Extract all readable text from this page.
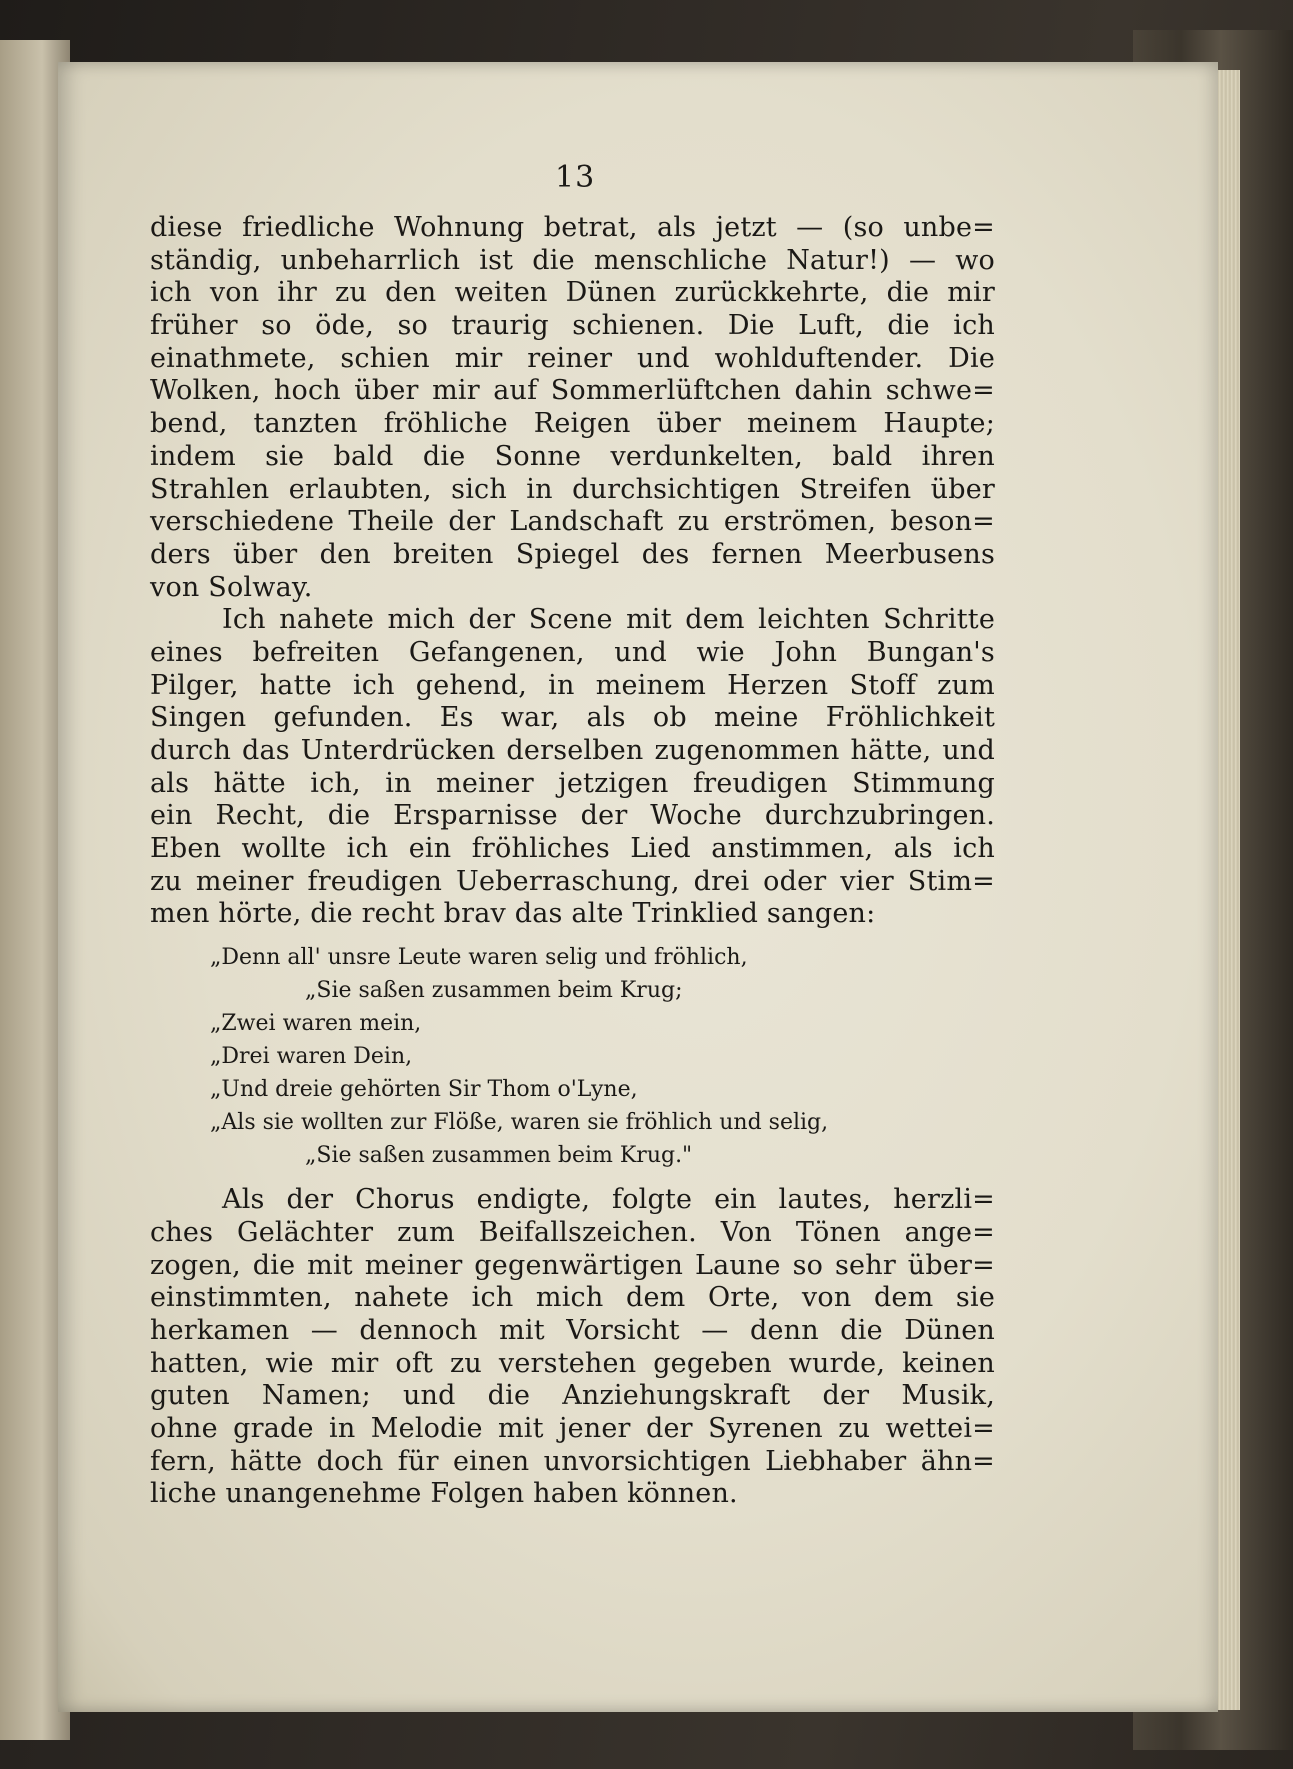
13
diese friedliche Wohnung betrat, als jetzt — (so unbe=
ständig, unbeharrlich ist die menschliche Natur!) — wo
ich von ihr zu den weiten Dünen zurückkehrte, die mir
früher so öde, so traurig schienen. Die Luft, die ich
einathmete, schien mir reiner und wohlduftender. Die
Wolken, hoch über mir auf Sommerlüftchen dahin schwe=
bend, tanzten fröhliche Reigen über meinem Haupte;
indem sie bald die Sonne verdunkelten, bald ihren
Strahlen erlaubten, sich in durchsichtigen Streifen über
verschiedene Theile der Landschaft zu erströmen, beson=
ders über den breiten Spiegel des fernen Meerbusens
von Solway.
Ich nahete mich der Scene mit dem leichten Schritte
eines befreiten Gefangenen, und wie John Bungan's
Pilger, hatte ich gehend, in meinem Herzen Stoff zum
Singen gefunden. Es war, als ob meine Fröhlichkeit
durch das Unterdrücken derselben zugenommen hätte, und
als hätte ich, in meiner jetzigen freudigen Stimmung
ein Recht, die Ersparnisse der Woche durchzubringen.
Eben wollte ich ein fröhliches Lied anstimmen, als ich
zu meiner freudigen Ueberraschung, drei oder vier Stim=
men hörte, die recht brav das alte Trinklied sangen:
„Denn all' unsre Leute waren selig und fröhlich,
„Sie saßen zusammen beim Krug;
„Zwei waren mein,
„Drei waren Dein,
„Und dreie gehörten Sir Thom o'Lyne,
„Als sie wollten zur Flöße, waren sie fröhlich und selig,
„Sie saßen zusammen beim Krug."
Als der Chorus endigte, folgte ein lautes, herzli=
ches Gelächter zum Beifallszeichen. Von Tönen ange=
zogen, die mit meiner gegenwärtigen Laune so sehr über=
einstimmten, nahete ich mich dem Orte, von dem sie
herkamen — dennoch mit Vorsicht — denn die Dünen
hatten, wie mir oft zu verstehen gegeben wurde, keinen
guten Namen; und die Anziehungskraft der Musik,
ohne grade in Melodie mit jener der Syrenen zu wettei=
fern, hätte doch für einen unvorsichtigen Liebhaber ähn=
liche unangenehme Folgen haben können.
